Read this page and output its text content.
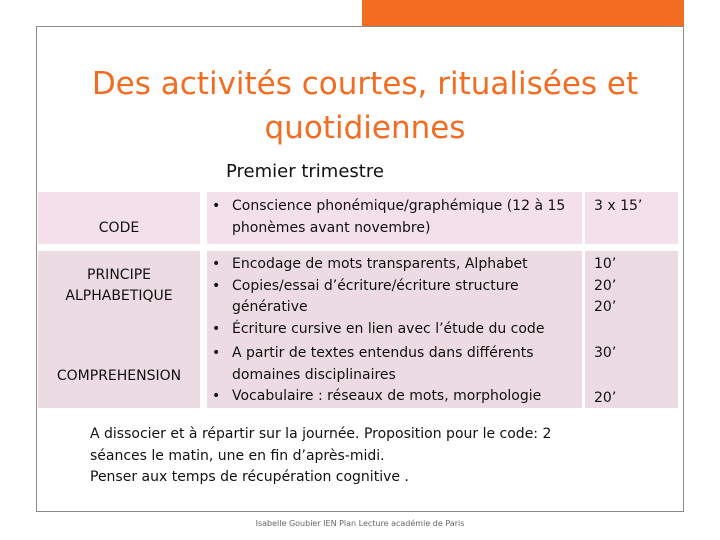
Des activités courtes, ritualisées et
quotidiennes
Premier trimestre
CODE
• Conscience phonémique/graphémique (12 à 15 phonèmes avant novembre)
3 x 15’
PRINCIPE ALPHABETIQUE
• Encodage de mots transparents, Alphabet
• Copies/essai d’écriture/écriture structure générative
• Écriture cursive en lien avec l’étude du code
10’
20’
20’
COMPREHENSION
• A partir de textes entendus dans différents domaines disciplinaires
• Vocabulaire : réseaux de mots, morphologie
30’
20’
A dissocier et à répartir sur la journée. Proposition pour le code: 2
séances le matin, une en fin d’après-midi.
Penser aux temps de récupération cognitive .
Isabelle Goubier IEN Plan Lecture académie de Paris
